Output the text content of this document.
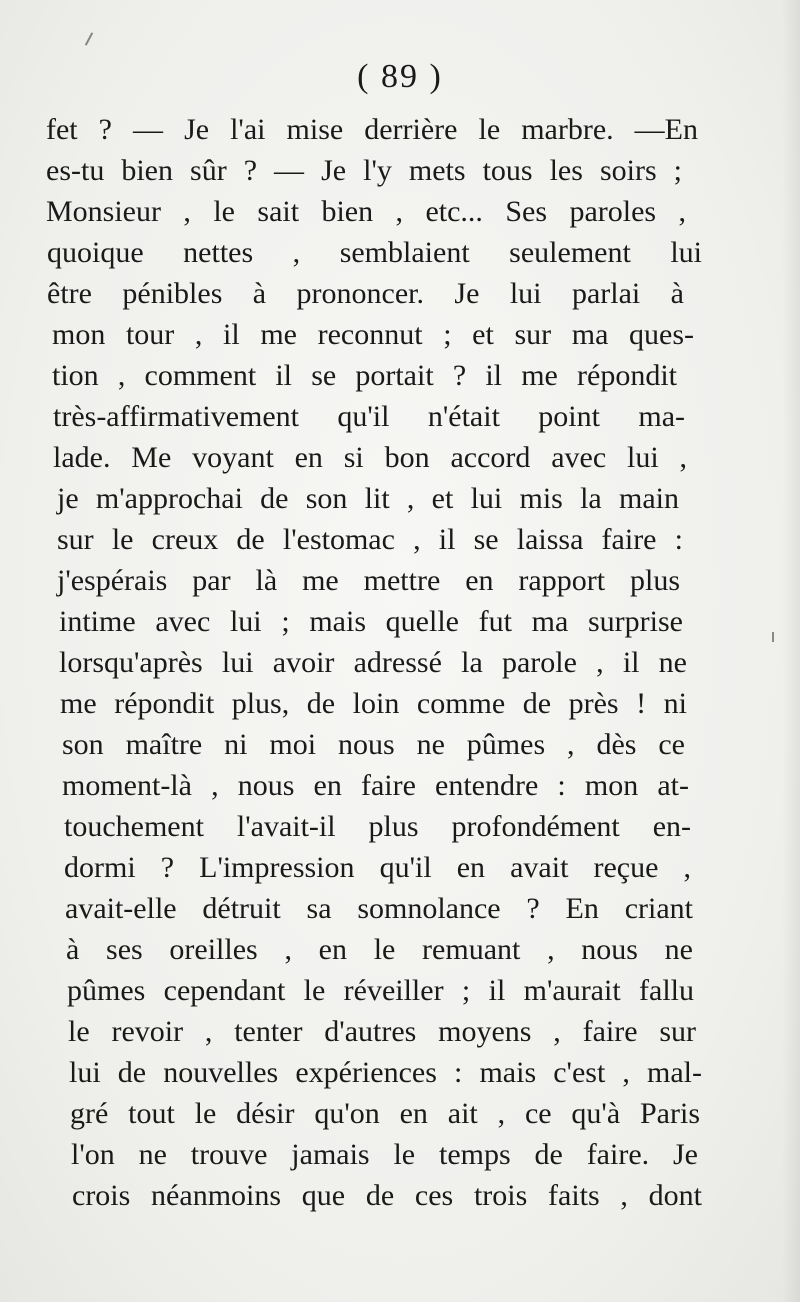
( 89 )
fet ? — Je l'ai mise derrière le marbre. —En
es-tu bien sûr ? — Je l'y mets tous les soirs ;
Monsieur , le sait bien , etc... Ses paroles ,
quoique nettes , semblaient seulement lui
être pénibles à prononcer. Je lui parlai à
mon tour , il me reconnut ; et sur ma ques-
tion , comment il se portait ? il me répondit
très-affirmativement qu'il n'était point ma-
lade. Me voyant en si bon accord avec lui ,
je m'approchai de son lit , et lui mis la main
sur le creux de l'estomac , il se laissa faire :
j'espérais par là me mettre en rapport plus
intime avec lui ; mais quelle fut ma surprise
lorsqu'après lui avoir adressé la parole , il ne
me répondit plus, de loin comme de près ! ni
son maître ni moi nous ne pûmes , dès ce
moment-là , nous en faire entendre : mon at-
touchement l'avait-il plus profondément en-
dormi ? L'impression qu'il en avait reçue ,
avait-elle détruit sa somnolance ? En criant
à ses oreilles , en le remuant , nous ne
pûmes cependant le réveiller ; il m'aurait fallu
le revoir , tenter d'autres moyens , faire sur
lui de nouvelles expériences : mais c'est , mal-
gré tout le désir qu'on en ait , ce qu'à Paris
l'on ne trouve jamais le temps de faire. Je
crois néanmoins que de ces trois faits , dont
